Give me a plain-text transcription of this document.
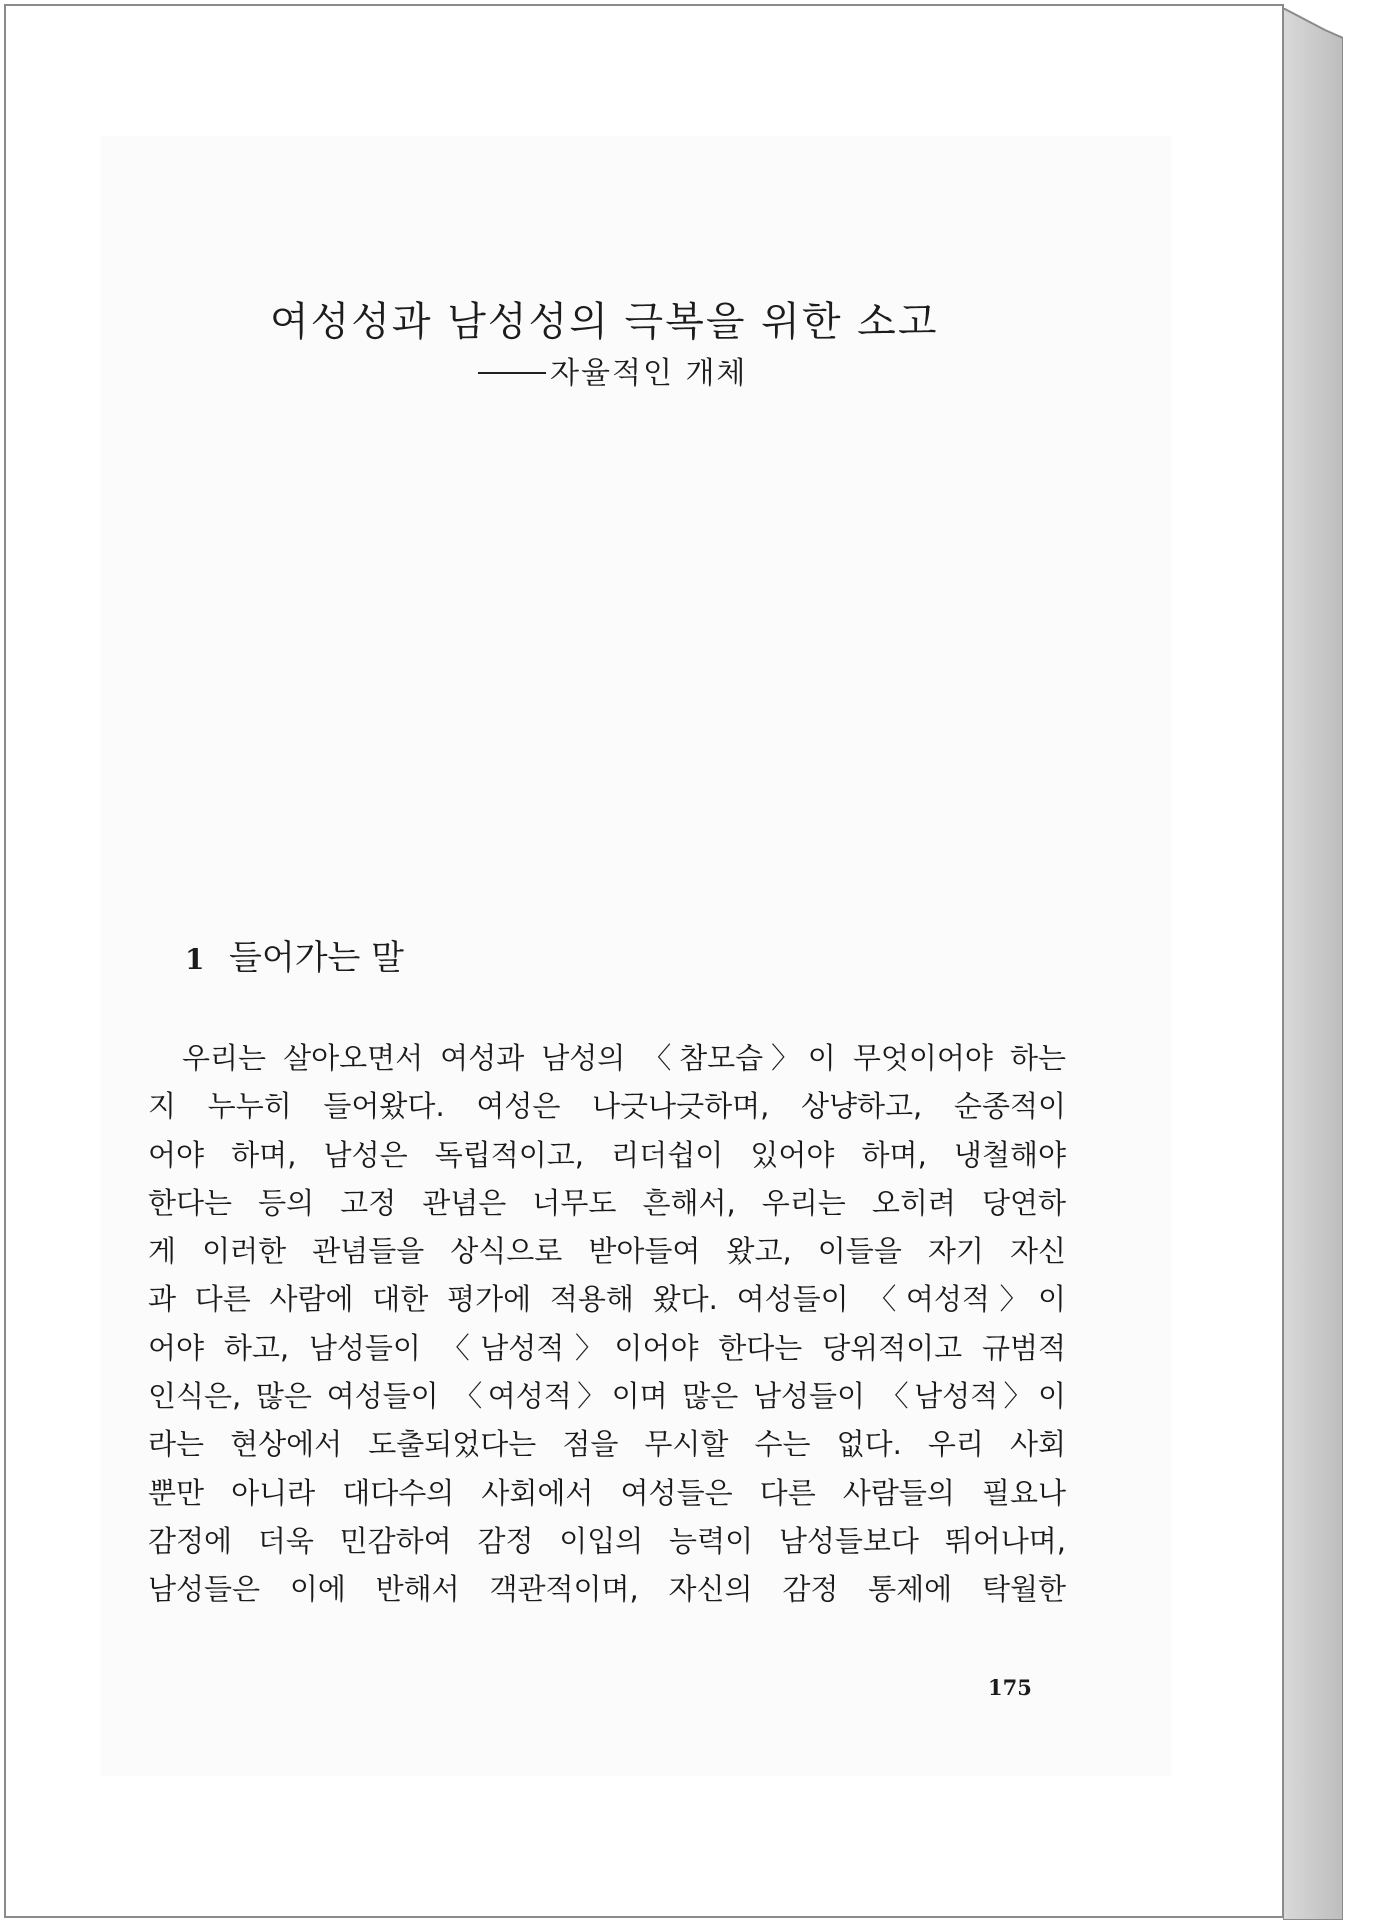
여성성과 남성성의 극복을 위한 소고
자율적인 개체
1 들어가는 말
우리는 살아오면서 여성과 남성의 〈참모습〉이 무엇이어야 하는
지 누누히 들어왔다. 여성은 나긋나긋하며, 상냥하고, 순종적이
어야 하며, 남성은 독립적이고, 리더쉽이 있어야 하며, 냉철해야
한다는 등의 고정 관념은 너무도 흔해서, 우리는 오히려 당연하
게 이러한 관념들을 상식으로 받아들여 왔고, 이들을 자기 자신
과 다른 사람에 대한 평가에 적용해 왔다. 여성들이 〈여성적〉이
어야 하고, 남성들이 〈남성적〉이어야 한다는 당위적이고 규범적
인식은, 많은 여성들이 〈여성적〉이며 많은 남성들이 〈남성적〉이
라는 현상에서 도출되었다는 점을 무시할 수는 없다. 우리 사회
뿐만 아니라 대다수의 사회에서 여성들은 다른 사람들의 필요나
감정에 더욱 민감하여 감정 이입의 능력이 남성들보다 뛰어나며,
남성들은 이에 반해서 객관적이며, 자신의 감정 통제에 탁월한
175
